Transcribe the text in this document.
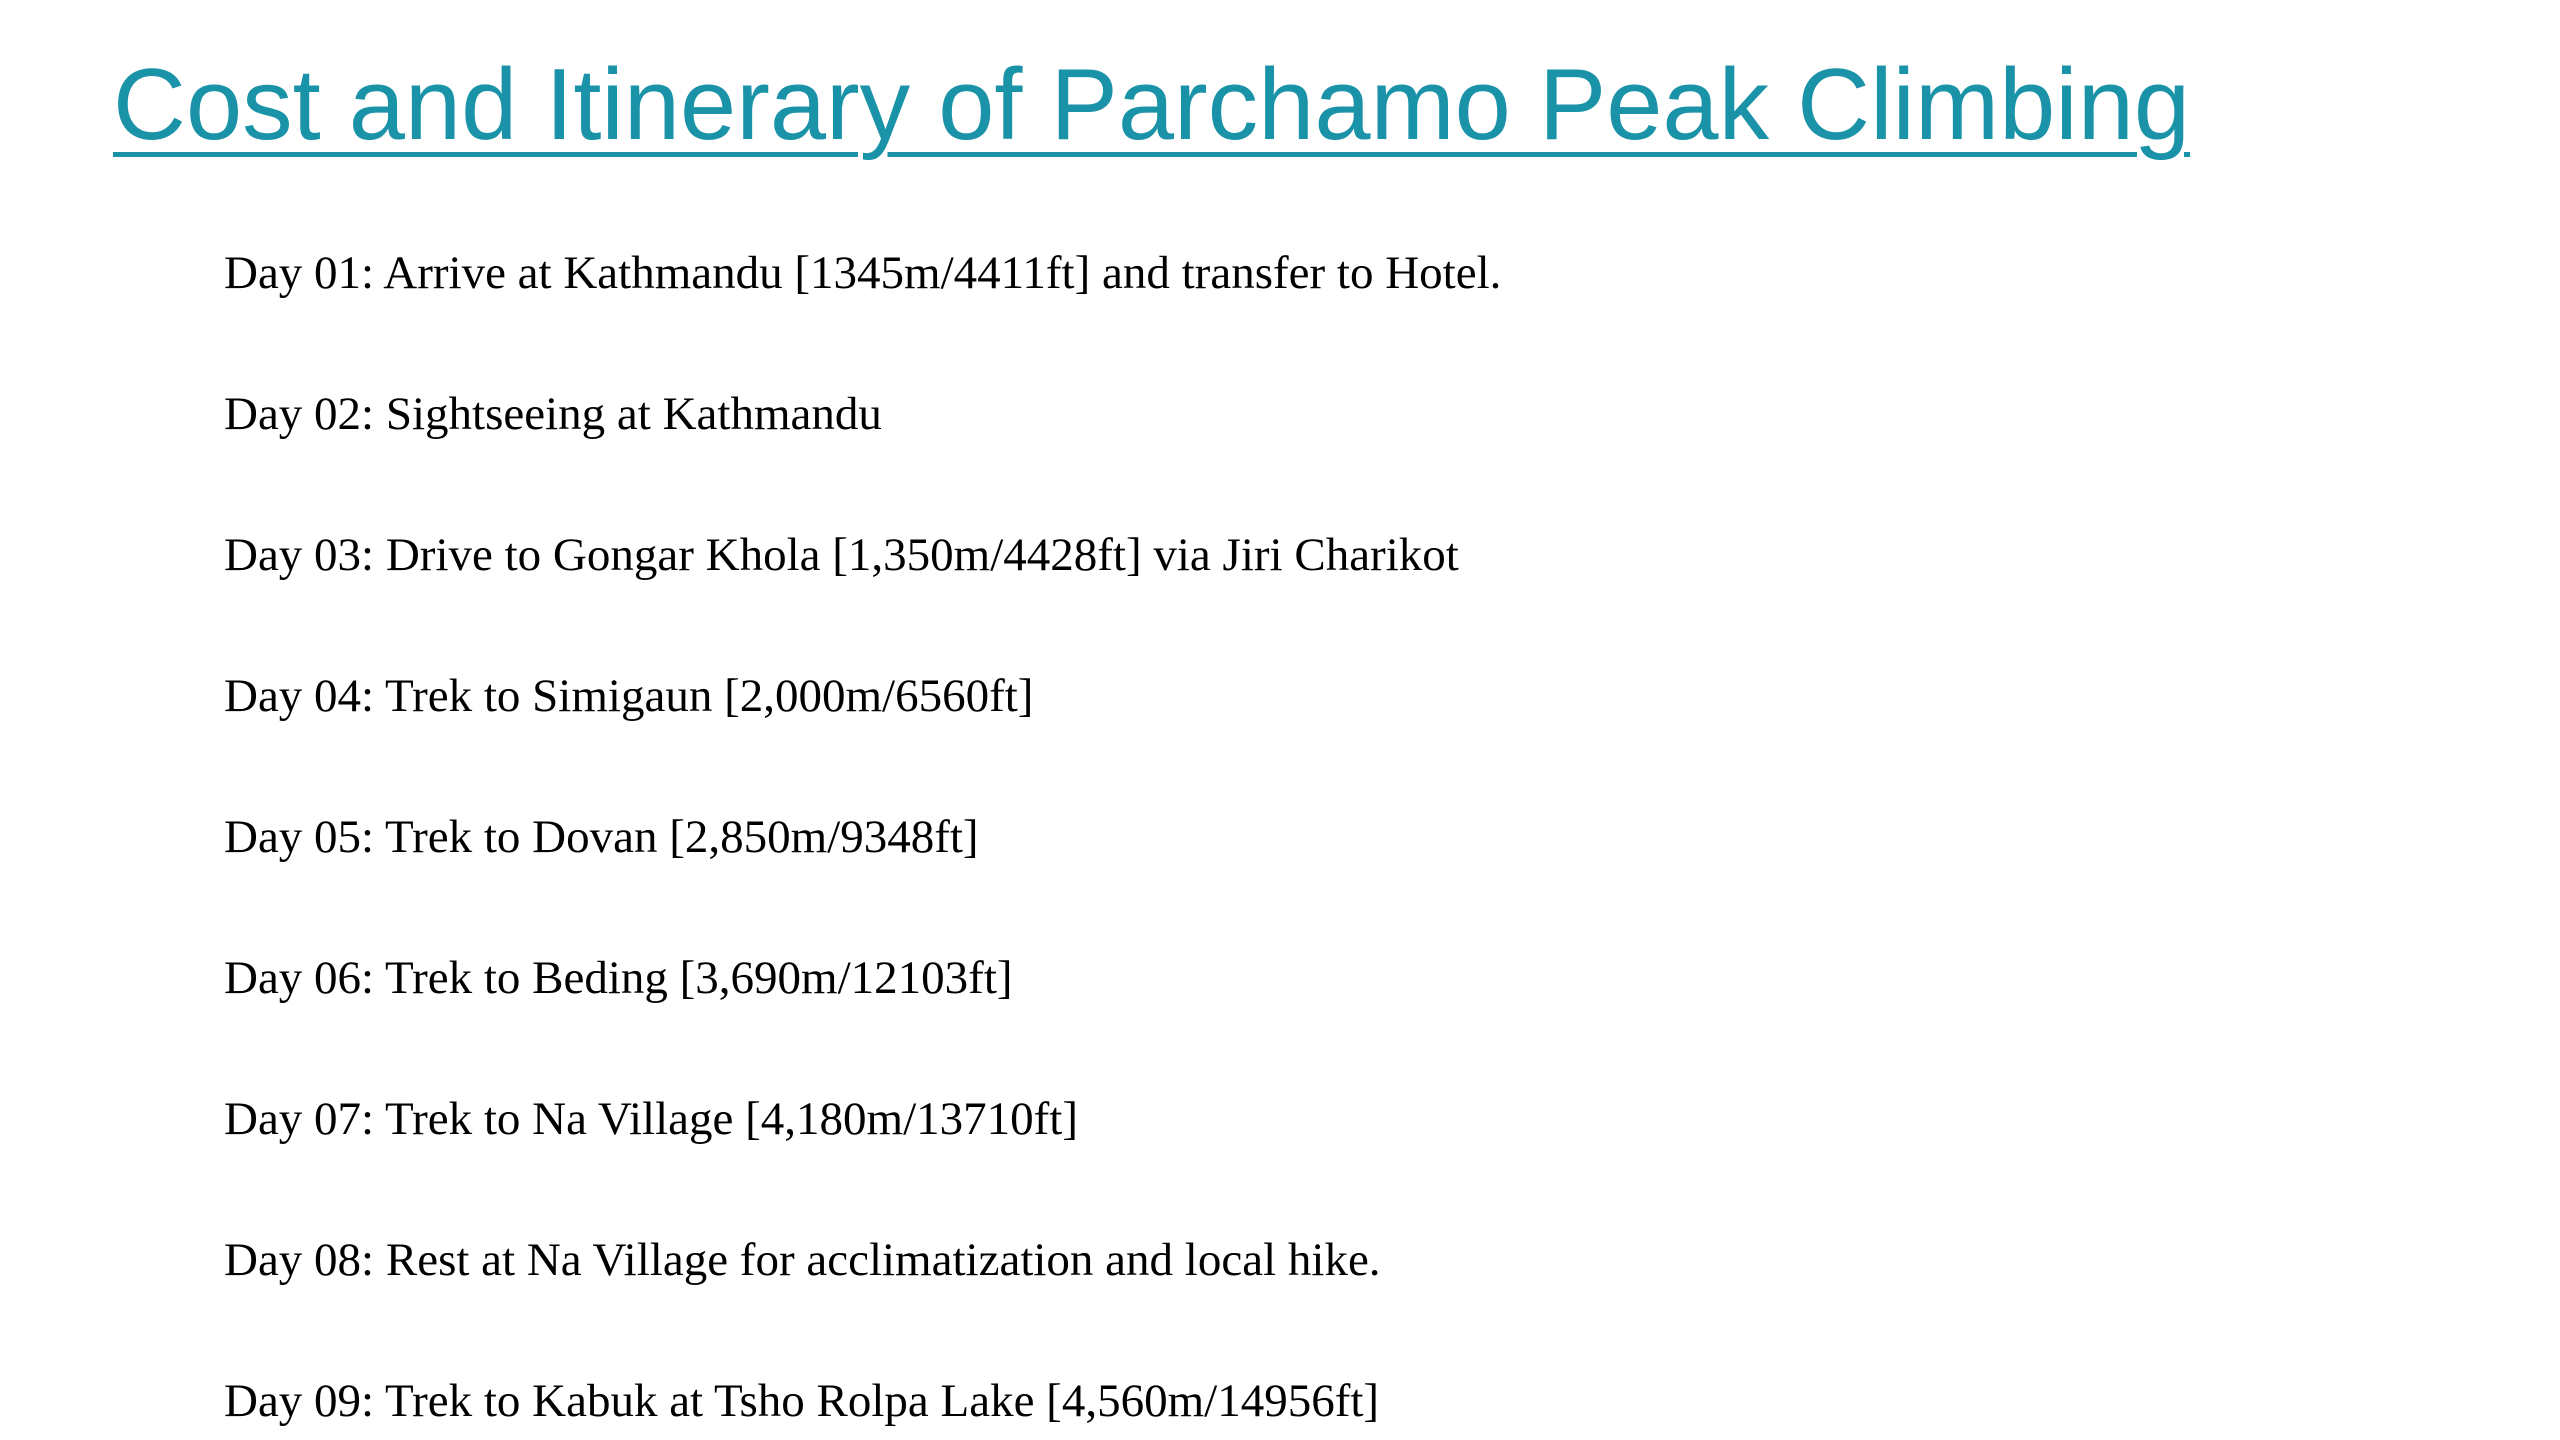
Cost and Itinerary of Parchamo Peak Climbing
Day 01: Arrive at Kathmandu [1345m/4411ft] and transfer to Hotel.
Day 02: Sightseeing at Kathmandu
Day 03: Drive to Gongar Khola [1,350m/4428ft] via Jiri Charikot
Day 04: Trek to Simigaun [2,000m/6560ft]
Day 05: Trek to Dovan [2,850m/9348ft]
Day 06: Trek to Beding [3,690m/12103ft]
Day 07: Trek to Na Village [4,180m/13710ft]
Day 08: Rest at Na Village for acclimatization and local hike.
Day 09: Trek to Kabuk at Tsho Rolpa Lake [4,560m/14956ft]
